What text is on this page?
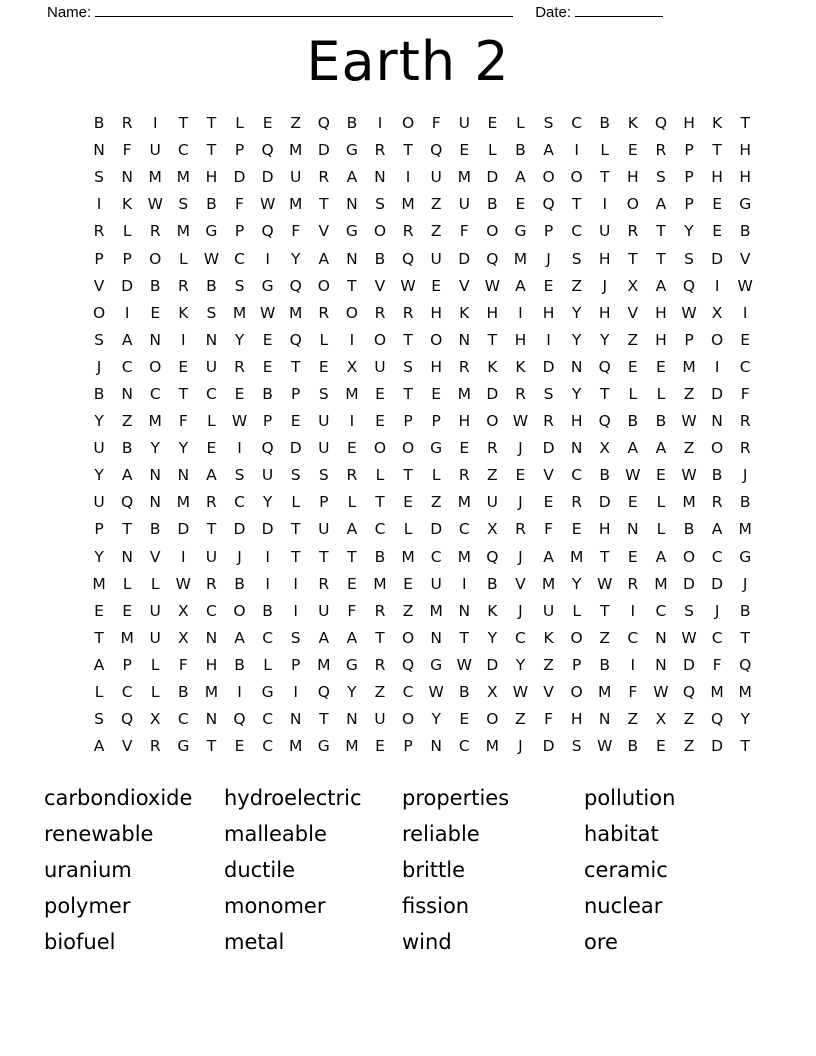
Name:	Date:
Earth 2
B	R	I	T	T	L	E	Z	Q	B	I	O	F	U	E	L	S	C	B	K	Q	H	K	T
N	F	U	C	T	P	Q M D	G	R	T	Q	E	L	B	A	I	L	E	R	P	T	H
S	N	M M	H	D	D	U	R	A	N	I	U	M D	A	O	O	T	H	S	P	H	H
I	K W	S	B	F	W M	T	N	S	M	Z	U	B	E	Q	T	I	O	A	P	E	G
R	L	R	M G	P	Q	F	V	G	O	R	Z	F	O	G	P	C	U	R	T	Y	E	B
P	P	O	L	W C	I	Y	A	N	B	Q	U	D	Q M	J	S	H	T	T	S	D	V
V	D	B	R	B	S	G	Q	O	T	V W	E	V W A	E	Z	J	X	A	Q	I	W
O	I	E	K	S	M W M	R	O	R	R	H	K	H	I	H	Y	H	V	H W X	I
S	A	N	I	N	Y	E	Q	L	I	O	T	O	N	T	H	I	Y	Y	Z	H	P	O	E
J	C	O	E	U	R	E	T	E	X	U	S	H	R	K	K	D	N	Q	E	E	M	I	C
B	N	C	T	C	E	B	P	S	M	E	T	E	M D	R	S	Y	T	L	L	Z	D	F
Y	Z	M	F	L	W	P	E	U	I	E	P	P	H	O W R	H	Q	B	B W N	R
U	B	Y	Y	E	I	Q	D	U	E	O	O	G	E	R	J	D	N	X	A	A	Z	O	R
Y	A	N	N	A	S	U	S	S	R	L	T	L	R	Z	E	V	C	B W	E	W B	J
U	Q	N	M	R	C	Y	L	P	L	T	E	Z	M	U	J	E	R	D	E	L	M	R	B
P	T	B	D	T	D	D	T	U	A	C	L	D	C	X	R	F	E	H	N	L	B	A	M
Y	N	V	I	U	J	I	T	T	T	B	M	C	M Q	J	A	M	T	E	A	O	C	G
M	L	L	W R	B	I	I	R	E	M	E	U	I	B	V	M	Y	W R	M D	D	J
E	E	U	X	C	O	B	I	U	F	R	Z	M	N	K	J	U	L	T	I	C	S	J	B
T	M	U	X	N	A	C	S	A	A	T	O	N	T	Y	C	K	O	Z	C	N W C	T
A	P	L	F	H	B	L	P	M G	R	Q	G W D	Y	Z	P	B	I	N	D	F	Q
L	C	L	B	M	I	G	I	Q	Y	Z	C W B	X W V	O M	F	W Q M M
S	Q	X	C	N	Q	C	N	T	N	U	O	Y	E	O	Z	F	H	N	Z	X	Z	Q	Y
A	V	R	G	T	E	C	M G M	E	P	N	C	M	J	D	S	W B	E	Z	D	T
carbondioxide	hydroelectric	properties	pollution
renewable	malleable	reliable	habitat
uranium	ductile	brittle	ceramic
polymer	monomer	fission	nuclear
biofuel	metal	wind	ore
